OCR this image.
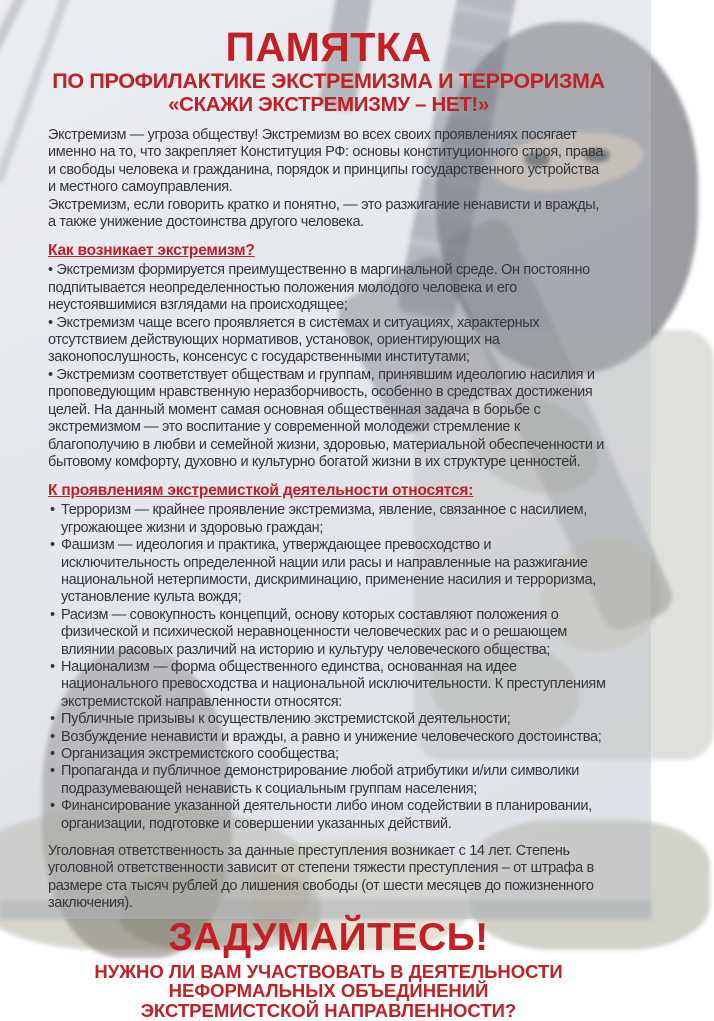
ПАМЯТКА
ПО ПРОФИЛАКТИКЕ ЭКСТРЕМИЗМА И ТЕРРОРИЗМА
«СКАЖИ ЭКСТРЕМИЗМУ – НЕТ!»

Экстремизм — угроза обществу! Экстремизм во всех своих проявлениях посягает именно на то, что закрепляет Конституция РФ: основы конституционного строя, права и свободы человека и гражданина, порядок и принципы государственного устройства и местного самоуправления.

Экстремизм, если говорить кратко и понятно, — это разжигание ненависти и вражды, а также унижение достоинства другого человека.

Как возникает экстремизм?

• Экстремизм формируется преимущественно в маргинальной среде. Он постоянно подпитывается неопределенностью положения молодого человека и его неустоявшимися взглядами на происходящее;

• Экстремизм чаще всего проявляется в системах и ситуациях, характерных отсутствием действующих нормативов, установок, ориентирующих на законопослушность, консенсус с государственными институтами;

• Экстремизм соответствует обществам и группам, принявшим идеологию насилия и проповедующим нравственную неразборчивость, особенно в средствах достижения целей. На данный момент самая основная общественная задача в борьбе с экстремизмом — это воспитание у современной молодежи стремление к благополучию в любви и семейной жизни, здоровью, материальной обеспеченности и бытовому комфорту, духовно и культурно богатой жизни в их структуре ценностей.

К проявлениям экстремисткой деятельности относятся:

• Терроризм — крайнее проявление экстремизма, явление, связанное с насилием, угрожающее жизни и здоровью граждан;

• Фашизм — идеология и практика, утверждающее превосходство и исключительность определенной нации или расы и направленные на разжигание национальной нетерпимости, дискриминацию, применение насилия и терроризма, установление культа вождя;

• Расизм — совокупность концепций, основу которых составляют положения о физической и психической неравноценности человеческих рас и о решающем влиянии расовых различий на историю и культуру человеческого общества;

• Национализм — форма общественного единства, основанная на идее национального превосходства и национальной исключительности. К преступлениям экстремистской направленности относятся:

• Публичные призывы к осуществлению экстремистской деятельности;

• Возбуждение ненависти и вражды, а равно и унижение человеческого достоинства;

• Организация экстремистского сообщества;

• Пропаганда и публичное демонстрирование любой атрибутики и/или символики подразумевающей ненависть к социальным группам населения;

• Финансирование указанной деятельности либо ином содействии в планировании, организации, подготовке и совершении указанных действий.

Уголовная ответственность за данные преступления возникает с 14 лет. Степень уголовной ответственности зависит от степени тяжести преступления – от штрафа в размере ста тысяч рублей до лишения свободы (от шести месяцев до пожизненного заключения).

ЗАДУМАЙТЕСЬ!
НУЖНО ЛИ ВАМ УЧАСТВОВАТЬ В ДЕЯТЕЛЬНОСТИ НЕФОРМАЛЬНЫХ ОБЪЕДИНЕНИЙ ЭКСТРЕМИСТСКОЙ НАПРАВЛЕННОСТИ?
